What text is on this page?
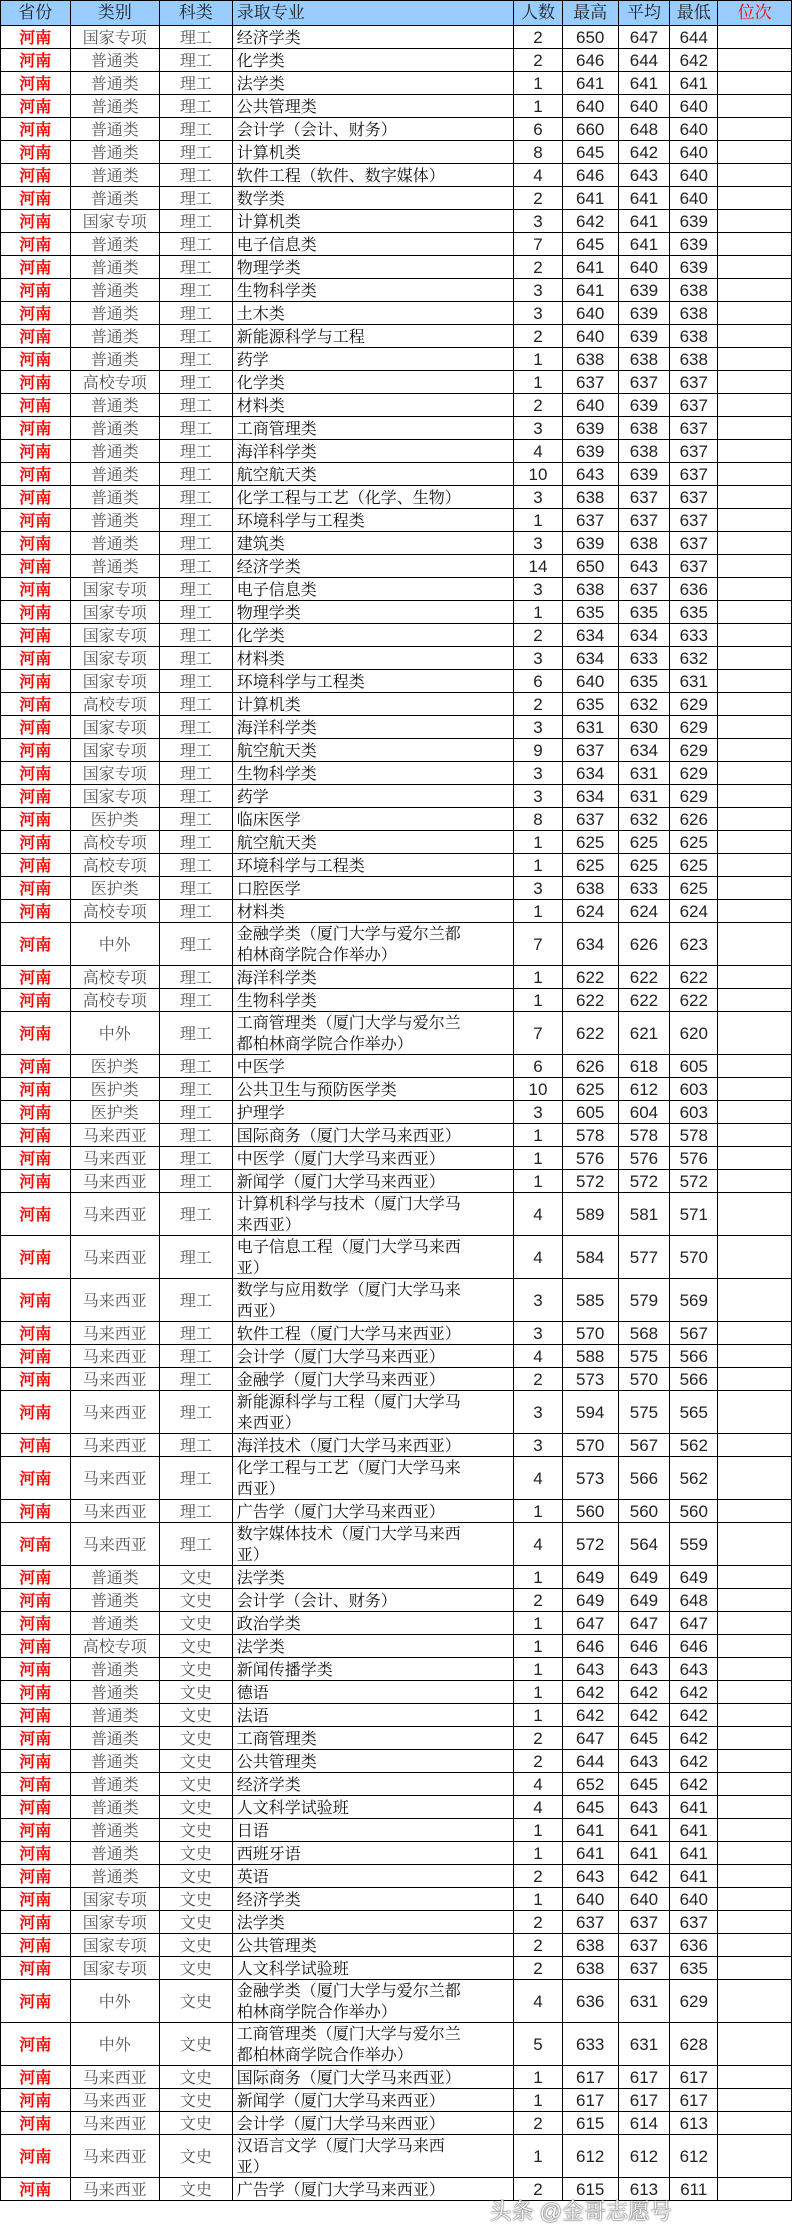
省份	类别	科类	录取专业	人数	最高	平均	最低	位次
河南	国家专项	理工	经济学类	2	650	647	644	
河南	普通类	理工	化学类	2	646	644	642	
河南	普通类	理工	法学类	1	641	641	641	
河南	普通类	理工	公共管理类	1	640	640	640	
河南	普通类	理工	会计学（会计、财务）	6	660	648	640	
河南	普通类	理工	计算机类	8	645	642	640	
河南	普通类	理工	软件工程（软件、数字媒体）	4	646	643	640	
河南	普通类	理工	数学类	2	641	641	640	
河南	国家专项	理工	计算机类	3	642	641	639	
河南	普通类	理工	电子信息类	7	645	641	639	
河南	普通类	理工	物理学类	2	641	640	639	
河南	普通类	理工	生物科学类	3	641	639	638	
河南	普通类	理工	土木类	3	640	639	638	
河南	普通类	理工	新能源科学与工程	2	640	639	638	
河南	普通类	理工	药学	1	638	638	638	
河南	高校专项	理工	化学类	1	637	637	637	
河南	普通类	理工	材料类	2	640	639	637	
河南	普通类	理工	工商管理类	3	639	638	637	
河南	普通类	理工	海洋科学类	4	639	638	637	
河南	普通类	理工	航空航天类	10	643	639	637	
河南	普通类	理工	化学工程与工艺（化学、生物）	3	638	637	637	
河南	普通类	理工	环境科学与工程类	1	637	637	637	
河南	普通类	理工	建筑类	3	639	638	637	
河南	普通类	理工	经济学类	14	650	643	637	
河南	国家专项	理工	电子信息类	3	638	637	636	
河南	国家专项	理工	物理学类	1	635	635	635	
河南	国家专项	理工	化学类	2	634	634	633	
河南	国家专项	理工	材料类	3	634	633	632	
河南	国家专项	理工	环境科学与工程类	6	640	635	631	
河南	高校专项	理工	计算机类	2	635	632	629	
河南	国家专项	理工	海洋科学类	3	631	630	629	
河南	国家专项	理工	航空航天类	9	637	634	629	
河南	国家专项	理工	生物科学类	3	634	631	629	
河南	国家专项	理工	药学	3	634	631	629	
河南	医护类	理工	临床医学	8	637	632	626	
河南	高校专项	理工	航空航天类	1	625	625	625	
河南	高校专项	理工	环境科学与工程类	1	625	625	625	
河南	医护类	理工	口腔医学	3	638	633	625	
河南	高校专项	理工	材料类	1	624	624	624	
河南	中外	理工	金融学类（厦门大学与爱尔兰都柏林商学院合作举办）	7	634	626	623	
河南	高校专项	理工	海洋科学类	1	622	622	622	
河南	高校专项	理工	生物科学类	1	622	622	622	
河南	中外	理工	工商管理类（厦门大学与爱尔兰都柏林商学院合作举办）	7	622	621	620	
河南	医护类	理工	中医学	6	626	618	605	
河南	医护类	理工	公共卫生与预防医学类	10	625	612	603	
河南	医护类	理工	护理学	3	605	604	603	
河南	马来西亚	理工	国际商务（厦门大学马来西亚）	1	578	578	578	
河南	马来西亚	理工	中医学（厦门大学马来西亚）	1	576	576	576	
河南	马来西亚	理工	新闻学（厦门大学马来西亚）	1	572	572	572	
河南	马来西亚	理工	计算机科学与技术（厦门大学马来西亚）	4	589	581	571	
河南	马来西亚	理工	电子信息工程（厦门大学马来西亚）	4	584	577	570	
河南	马来西亚	理工	数学与应用数学（厦门大学马来西亚）	3	585	579	569	
河南	马来西亚	理工	软件工程（厦门大学马来西亚）	3	570	568	567	
河南	马来西亚	理工	会计学（厦门大学马来西亚）	4	588	575	566	
河南	马来西亚	理工	金融学（厦门大学马来西亚）	2	573	570	566	
河南	马来西亚	理工	新能源科学与工程（厦门大学马来西亚）	3	594	575	565	
河南	马来西亚	理工	海洋技术（厦门大学马来西亚）	3	570	567	562	
河南	马来西亚	理工	化学工程与工艺（厦门大学马来西亚）	4	573	566	562	
河南	马来西亚	理工	广告学（厦门大学马来西亚）	1	560	560	560	
河南	马来西亚	理工	数字媒体技术（厦门大学马来西亚）	4	572	564	559	
河南	普通类	文史	法学类	1	649	649	649	
河南	普通类	文史	会计学（会计、财务）	2	649	649	648	
河南	普通类	文史	政治学类	1	647	647	647	
河南	高校专项	文史	法学类	1	646	646	646	
河南	普通类	文史	新闻传播学类	1	643	643	643	
河南	普通类	文史	德语	1	642	642	642	
河南	普通类	文史	法语	1	642	642	642	
河南	普通类	文史	工商管理类	2	647	645	642	
河南	普通类	文史	公共管理类	2	644	643	642	
河南	普通类	文史	经济学类	4	652	645	642	
河南	普通类	文史	人文科学试验班	4	645	643	641	
河南	普通类	文史	日语	1	641	641	641	
河南	普通类	文史	西班牙语	1	641	641	641	
河南	普通类	文史	英语	2	643	642	641	
河南	国家专项	文史	经济学类	1	640	640	640	
河南	国家专项	文史	法学类	2	637	637	637	
河南	国家专项	文史	公共管理类	2	638	637	636	
河南	国家专项	文史	人文科学试验班	2	638	637	635	
河南	中外	文史	金融学类（厦门大学与爱尔兰都柏林商学院合作举办）	4	636	631	629	
河南	中外	文史	工商管理类（厦门大学与爱尔兰都柏林商学院合作举办）	5	633	631	628	
河南	马来西亚	文史	国际商务（厦门大学马来西亚）	1	617	617	617	
河南	马来西亚	文史	新闻学（厦门大学马来西亚）	1	617	617	617	
河南	马来西亚	文史	会计学（厦门大学马来西亚）	2	615	614	613	
河南	马来西亚	文史	汉语言文学（厦门大学马来西亚）	1	612	612	612	
河南	马来西亚	文史	广告学（厦门大学马来西亚）	2	615	613	611	
头条 @金哥志愿号
